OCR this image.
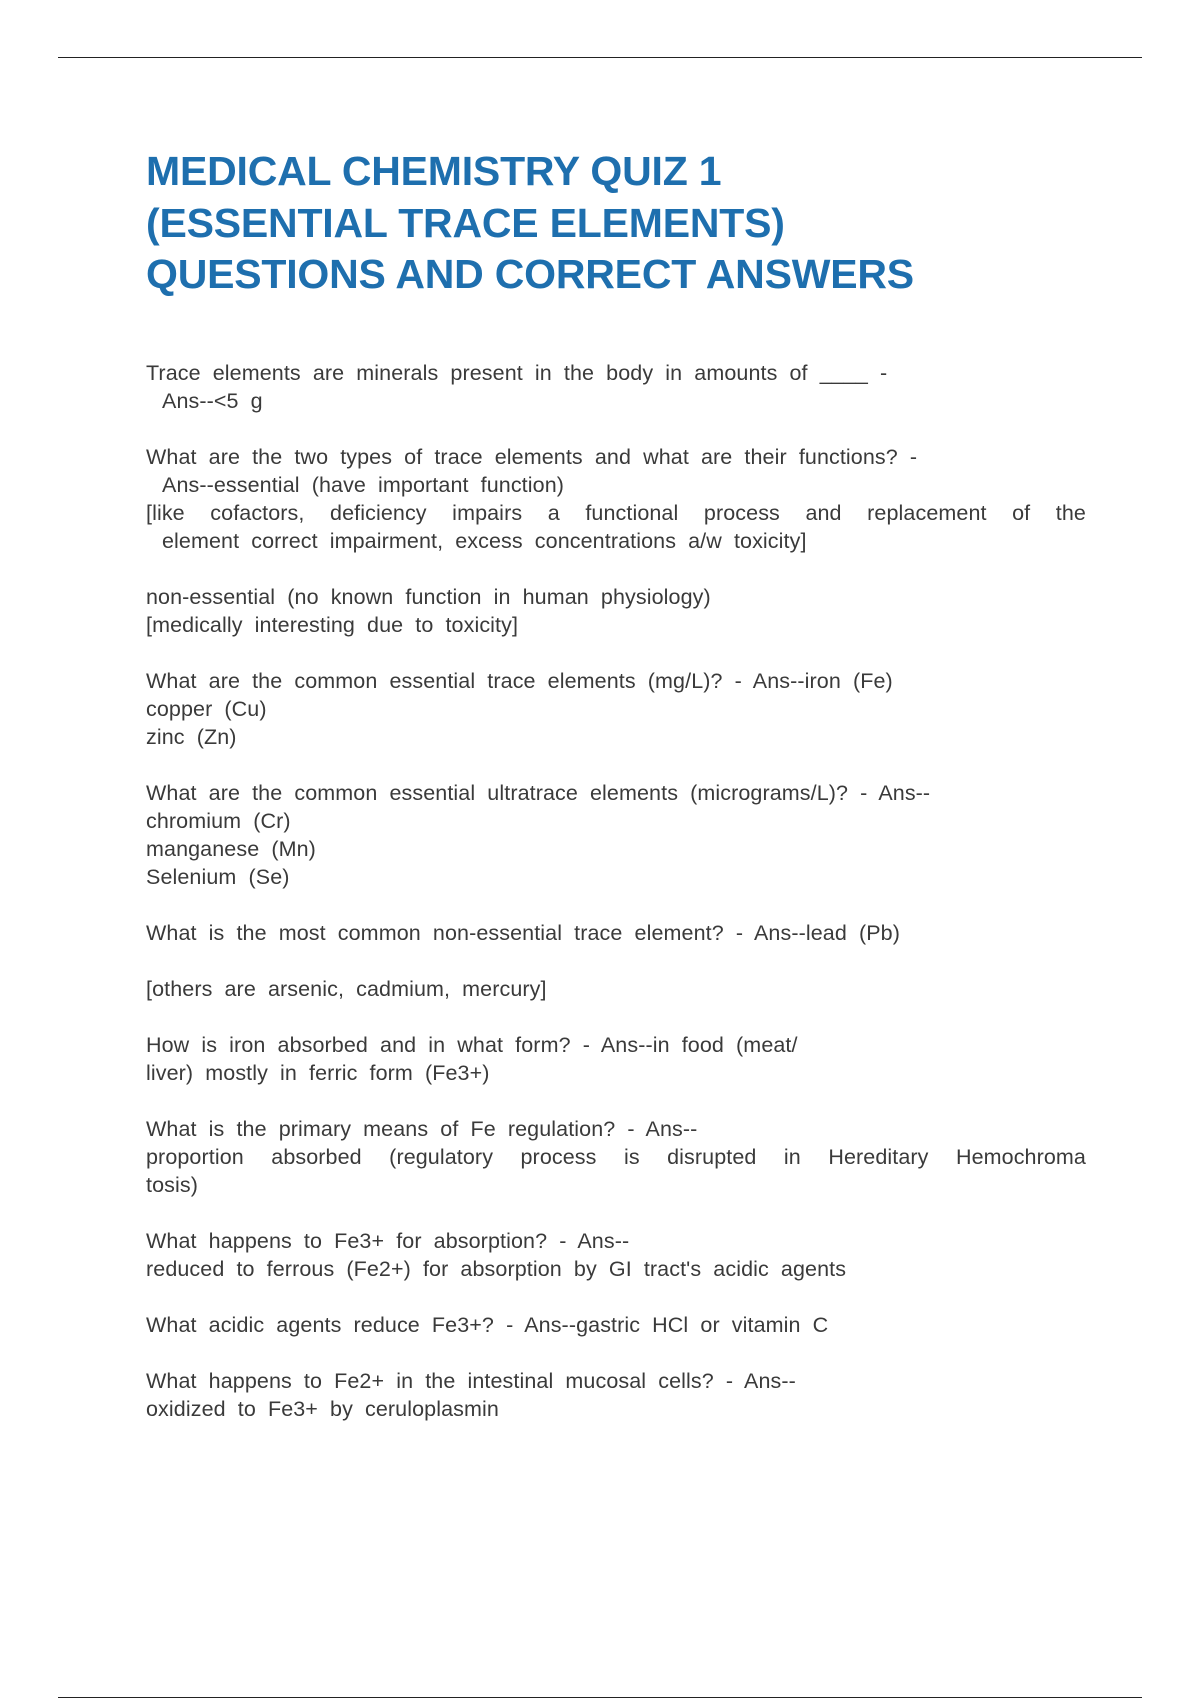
MEDICAL CHEMISTRY QUIZ 1
(ESSENTIAL TRACE ELEMENTS)
QUESTIONS AND CORRECT ANSWERS
Trace elements are minerals present in the body in amounts of ____ -
Ans--<5 g
What are the two types of trace elements and what are their functions? -
Ans--essential (have important function)
[like cofactors, deficiency impairs a functional process and replacement of the
element correct impairment, excess concentrations a/w toxicity]
non-essential (no known function in human physiology)
[medically interesting due to toxicity]
What are the common essential trace elements (mg/L)? - Ans--iron (Fe)
copper (Cu)
zinc (Zn)
What are the common essential ultratrace elements (micrograms/L)? - Ans--
chromium (Cr)
manganese (Mn)
Selenium (Se)
What is the most common non-essential trace element? - Ans--lead (Pb)
[others are arsenic, cadmium, mercury]
How is iron absorbed and in what form? - Ans--in food (meat/
liver) mostly in ferric form (Fe3+)
What is the primary means of Fe regulation? - Ans--
proportion absorbed (regulatory process is disrupted in Hereditary Hemochroma
tosis)
What happens to Fe3+ for absorption? - Ans--
reduced to ferrous (Fe2+) for absorption by GI tract's acidic agents
What acidic agents reduce Fe3+? - Ans--gastric HCl or vitamin C
What happens to Fe2+ in the intestinal mucosal cells? - Ans--
oxidized to Fe3+ by ceruloplasmin
